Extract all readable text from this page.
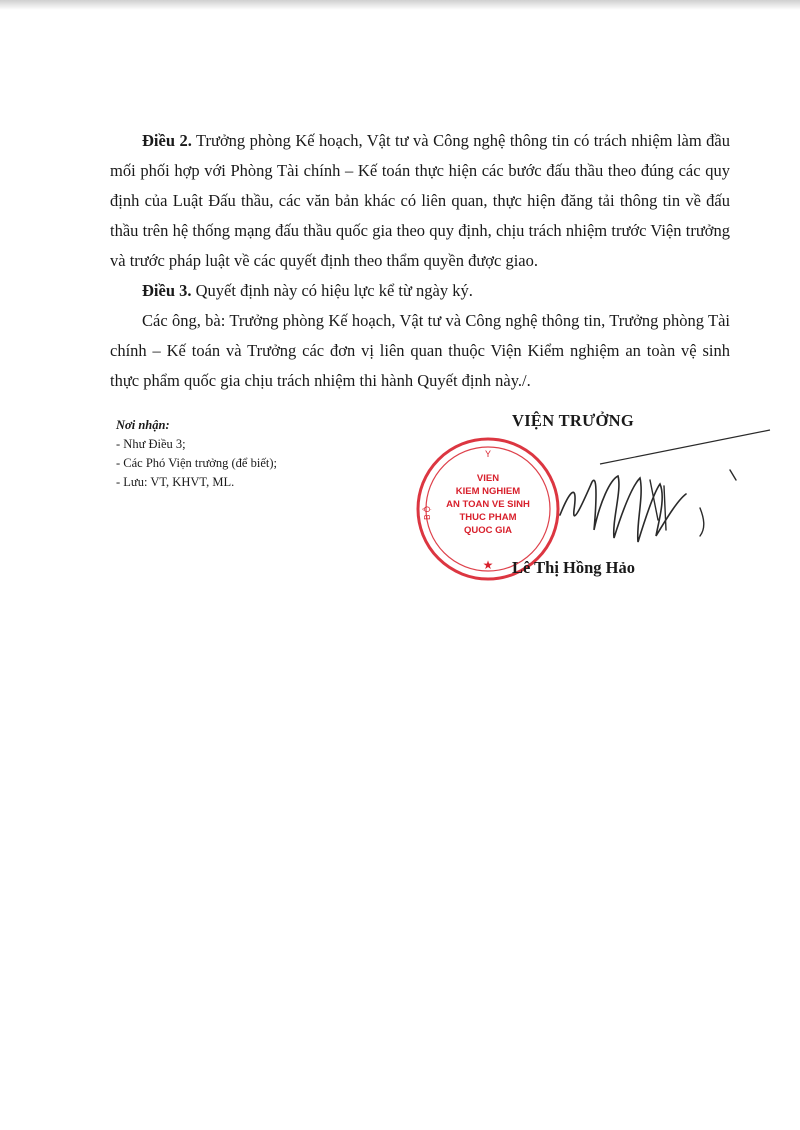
Điều 2. Trưởng phòng Kế hoạch, Vật tư và Công nghệ thông tin có trách nhiệm làm đầu mối phối hợp với Phòng Tài chính – Kế toán thực hiện các bước đấu thầu theo đúng các quy định của Luật Đấu thầu, các văn bản khác có liên quan, thực hiện đăng tải thông tin về đấu thầu trên hệ thống mạng đấu thầu quốc gia theo quy định, chịu trách nhiệm trước Viện trưởng và trước pháp luật về các quyết định theo thẩm quyền được giao.

Điều 3. Quyết định này có hiệu lực kể từ ngày ký.

Các ông, bà: Trưởng phòng Kế hoạch, Vật tư và Công nghệ thông tin, Trưởng phòng Tài chính – Kế toán và Trưởng các đơn vị liên quan thuộc Viện Kiểm nghiệm an toàn vệ sinh thực phẩm quốc gia chịu trách nhiệm thi hành Quyết định này./.

Nơi nhận:
- Như Điều 3;
- Các Phó Viện trưởng (để biết);
- Lưu: VT, KHVT, ML.
VIỆN TRƯỞNG
Y
B Ộ
VIEN
KIEM NGHIEM
AN TOAN VE SINH
THUC PHAM
QUOC GIA
★ Lê Thị Hồng Hảo
